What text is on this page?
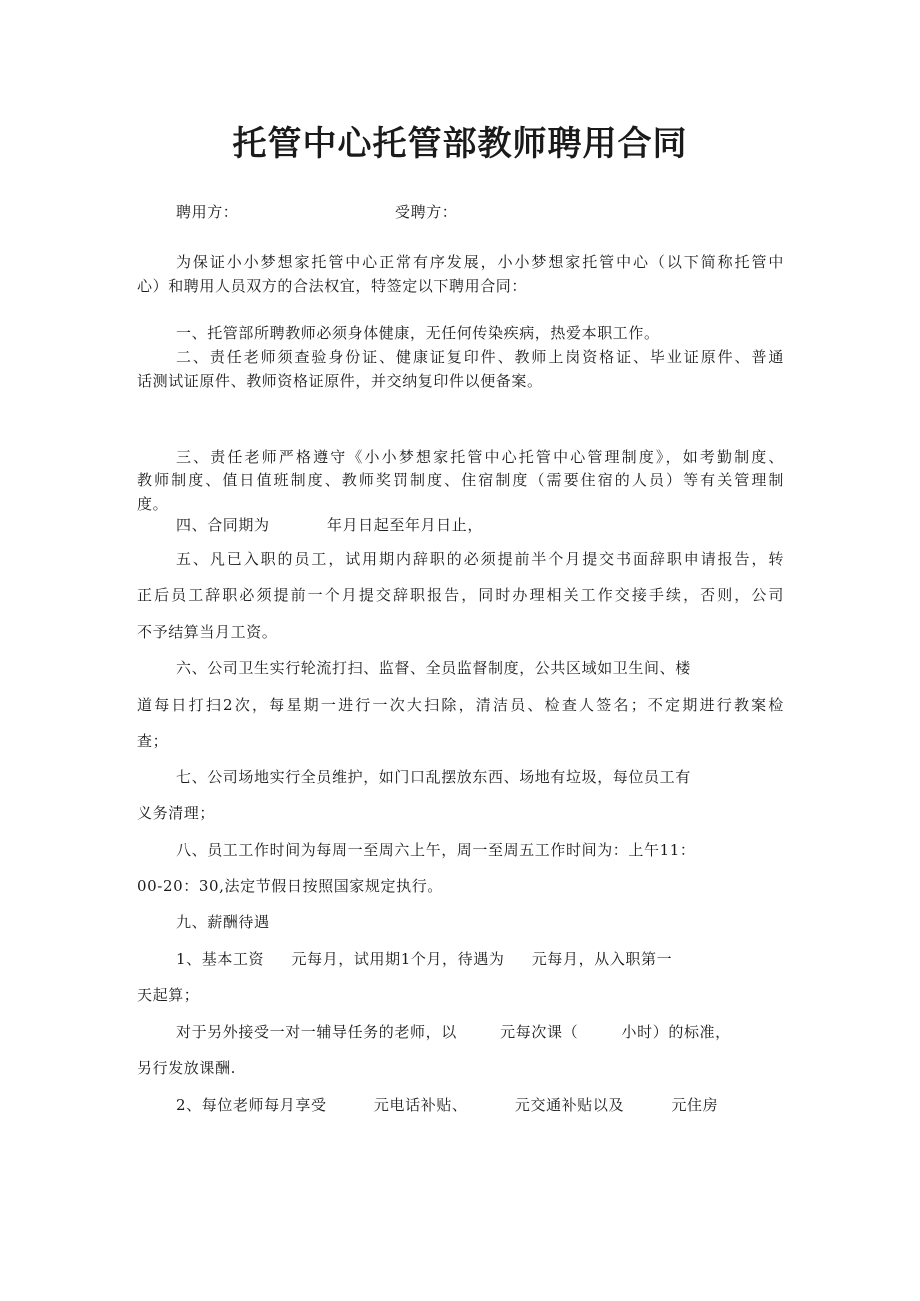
托管中心托管部教师聘用合同
聘用方：	受聘方：
为保证小小梦想家托管中心正常有序发展，小小梦想家托管中心（以下简称托管中
心）和聘用人员双方的合法权宜，特签定以下聘用合同：
一、托管部所聘教师必须身体健康，无任何传染疾病，热爱本职工作。
二、责任老师须查验身份证、健康证复印件、教师上岗资格证、毕业证原件、普通
话测试证原件、教师资格证原件，并交纳复印件以便备案。
三、责任老师严格遵守《小小梦想家托管中心托管中心管理制度》，如考勤制度、
教师制度、值日值班制度、教师奖罚制度、住宿制度（需要住宿的人员）等有关管理制
度。
四、合同期为 年月日起至年月日止，
五、凡已入职的员工，试用期内辞职的必须提前半个月提交书面辞职申请报告，转
正后员工辞职必须提前一个月提交辞职报告，同时办理相关工作交接手续，否则，公司
不予结算当月工资。
六、公司卫生实行轮流打扫、监督、全员监督制度，公共区域如卫生间、楼
道每日打扫2次，每星期一进行一次大扫除，清洁员、检查人签名；不定期进行教案检
查；
七、公司场地实行全员维护，如门口乱摆放东西、场地有垃圾，每位员工有
义务清理；
八、员工工作时间为每周一至周六上午，周一至周五工作时间为：上午11：
00-20：30,法定节假日按照国家规定执行。
九、薪酬待遇
1、基本工资 元每月，试用期1个月，待遇为 元每月，从入职第一
天起算；
对于另外接受一对一辅导任务的老师，以 元每次课（ 小时）的标准，
另行发放课酬.
2、每位老师每月享受 元电话补贴、 元交通补贴以及 元住房
